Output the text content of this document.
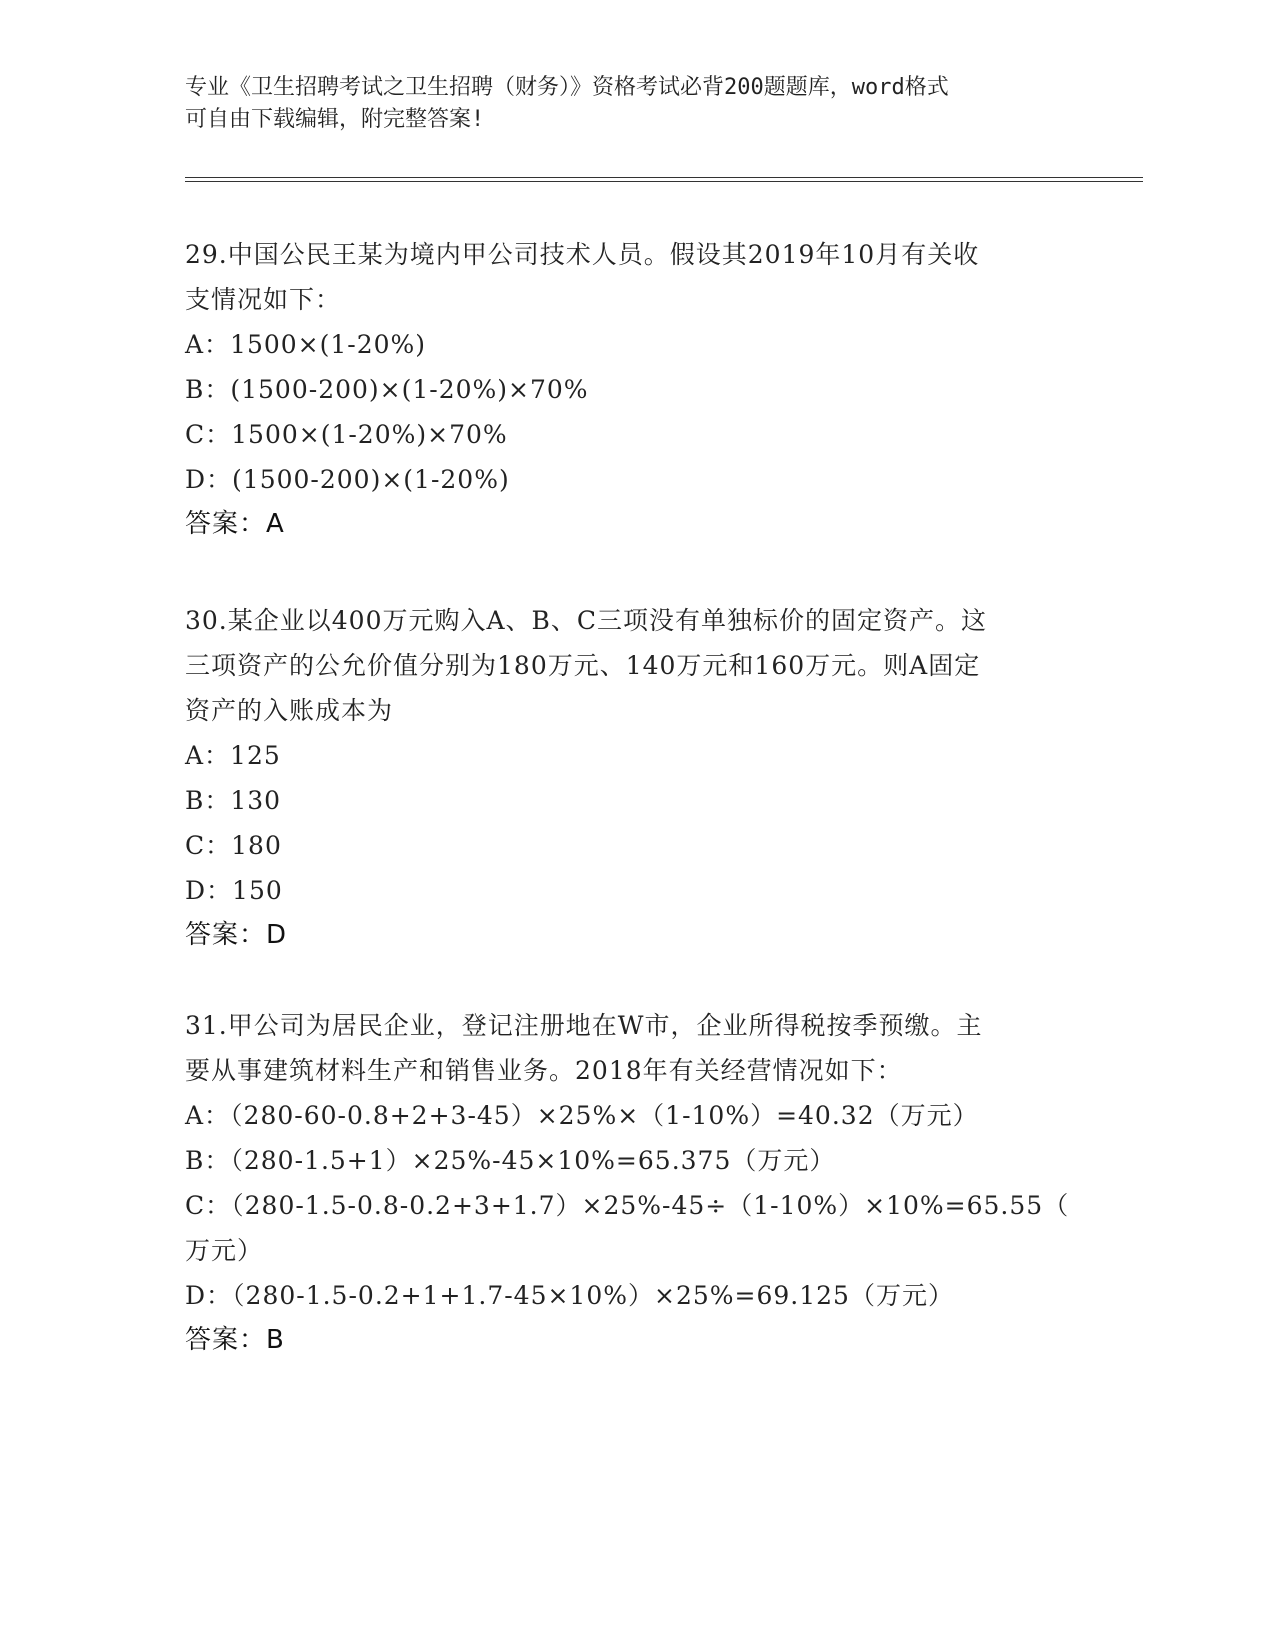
专业《卫生招聘考试之卫生招聘（财务）》资格考试必背200题题库，word格式
可自由下载编辑，附完整答案!
29.中国公民王某为境内甲公司技术人员。假设其2019年10月有关收
支情况如下：
A：1500×(1-20%)
B：(1500-200)×(1-20%)×70%
C：1500×(1-20%)×70%
D：(1500-200)×(1-20%)
答案：A
30.某企业以400万元购入A、B、C三项没有单独标价的固定资产。这
三项资产的公允价值分别为180万元、140万元和160万元。则A固定
资产的入账成本为
A：125
B：130
C：180
D：150
答案：D
31.甲公司为居民企业，登记注册地在W市，企业所得税按季预缴。主
要从事建筑材料生产和销售业务。2018年有关经营情况如下：
A：（280-60-0.8+2+3-45）×25%×（1-10%）=40.32（万元）
B：（280-1.5+1）×25%-45×10%=65.375（万元）
C：（280-1.5-0.8-0.2+3+1.7）×25%-45÷（1-10%）×10%=65.55（
万元）
D：（280-1.5-0.2+1+1.7-45×10%）×25%=69.125（万元）
答案：B
